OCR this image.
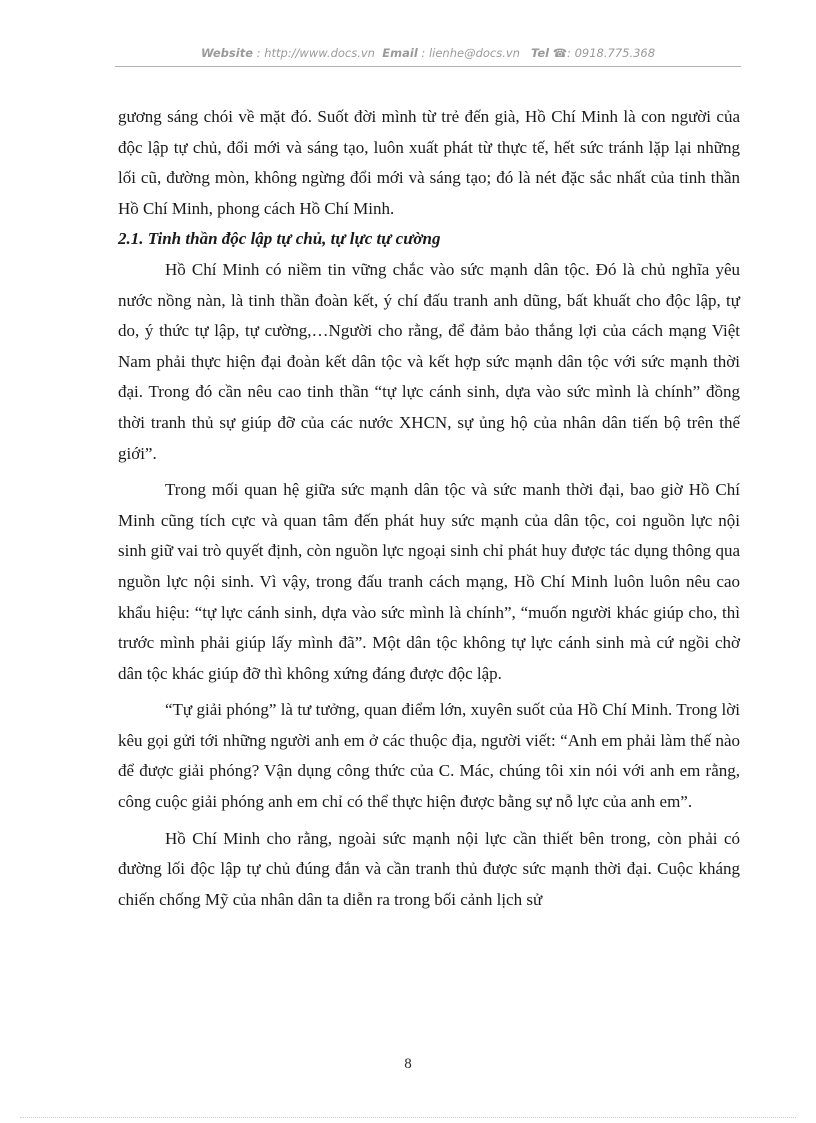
Website : http://www.docs.vn Email : lienhe@docs.vn Tel ☎: 0918.775.368

gương sáng chói về mặt đó. Suốt đời mình từ trẻ đến già, Hồ Chí Minh là con người của độc lập tự chủ, đổi mới và sáng tạo, luôn xuất phát từ thực tế, hết sức tránh lặp lại những lối cũ, đường mòn, không ngừng đổi mới và sáng tạo; đó là nét đặc sắc nhất của tinh thần Hồ Chí Minh, phong cách Hồ Chí Minh.

2.1. Tinh thần độc lập tự chủ, tự lực tự cường

Hồ Chí Minh có niềm tin vững chắc vào sức mạnh dân tộc. Đó là chủ nghĩa yêu nước nồng nàn, là tinh thần đoàn kết, ý chí đấu tranh anh dũng, bất khuất cho độc lập, tự do, ý thức tự lập, tự cường,…Người cho rằng, để đảm bảo thắng lợi của cách mạng Việt Nam phải thực hiện đại đoàn kết dân tộc và kết hợp sức mạnh dân tộc với sức mạnh thời đại. Trong đó cần nêu cao tinh thần “tự lực cánh sinh, dựa vào sức mình là chính” đồng thời tranh thủ sự giúp đỡ của các nước XHCN, sự ủng hộ của nhân dân tiến bộ trên thế giới”.

Trong mối quan hệ giữa sức mạnh dân tộc và sức manh thời đại, bao giờ Hồ Chí Minh cũng tích cực và quan tâm đến phát huy sức mạnh của dân tộc, coi nguồn lực nội sinh giữ vai trò quyết định, còn nguồn lực ngoại sinh chỉ phát huy được tác dụng thông qua nguồn lực nội sinh. Vì vậy, trong đấu tranh cách mạng, Hồ Chí Minh luôn luôn nêu cao khẩu hiệu: “tự lực cánh sinh, dựa vào sức mình là chính”, “muốn người khác giúp cho, thì trước mình phải giúp lấy mình đã”. Một dân tộc không tự lực cánh sinh mà cứ ngồi chờ dân tộc khác giúp đỡ thì không xứng đáng được độc lập.

“Tự giải phóng” là tư tưởng, quan điểm lớn, xuyên suốt của Hồ Chí Minh. Trong lời kêu gọi gửi tới những người anh em ở các thuộc địa, người viết: “Anh em phải làm thế nào để được giải phóng? Vận dụng công thức của C. Mác, chúng tôi xin nói với anh em rằng, công cuộc giải phóng anh em chỉ có thể thực hiện được bằng sự nỗ lực của anh em”.

Hồ Chí Minh cho rằng, ngoài sức mạnh nội lực cần thiết bên trong, còn phải có đường lối độc lập tự chủ đúng đắn và cần tranh thủ được sức mạnh thời đại. Cuộc kháng chiến chống Mỹ của nhân dân ta diễn ra trong bối cảnh lịch sử

8
